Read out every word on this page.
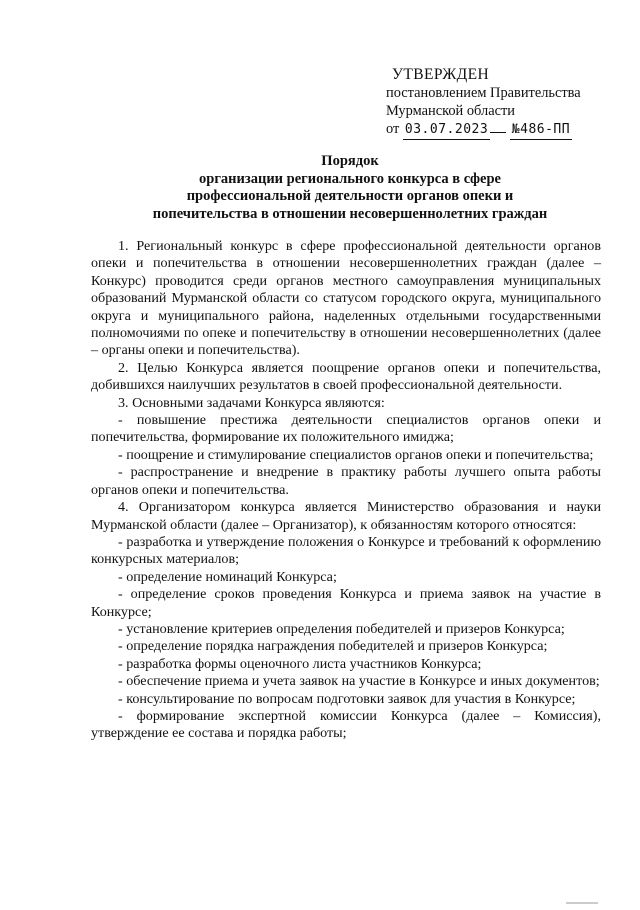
УТВЕРЖДЕН
постановлением Правительства
Мурманской области
от 03.07.2023 №486-ПП
Порядок
организации регионального конкурса в сфере
профессиональной деятельности органов опеки и
попечительства в отношении несовершеннолетних граждан

1. Региональный конкурс в сфере профессиональной деятельности органов опеки и попечительства в отношении несовершеннолетних граждан (далее – Конкурс) проводится среди органов местного самоуправления муниципальных образований Мурманской области со статусом городского округа, муниципального округа и муниципального района, наделенных отдельными государственными полномочиями по опеке и попечительству в отношении несовершеннолетних (далее – органы опеки и попечительства).

2. Целью Конкурса является поощрение органов опеки и попечительства, добившихся наилучших результатов в своей профессиональной деятельности.

3. Основными задачами Конкурса являются:

- повышение престижа деятельности специалистов органов опеки и попечительства, формирование их положительного имиджа;

- поощрение и стимулирование специалистов органов опеки и попечительства;

- распространение и внедрение в практику работы лучшего опыта работы органов опеки и попечительства.

4. Организатором конкурса является Министерство образования и науки Мурманской области (далее – Организатор), к обязанностям которого относятся:

- разработка и утверждение положения о Конкурсе и требований к оформлению конкурсных материалов;

- определение номинаций Конкурса;

- определение сроков проведения Конкурса и приема заявок на участие в Конкурсе;

- установление критериев определения победителей и призеров Конкурса;

- определение порядка награждения победителей и призеров Конкурса;

- разработка формы оценочного листа участников Конкурса;

- обеспечение приема и учета заявок на участие в Конкурсе и иных документов;

- консультирование по вопросам подготовки заявок для участия в Конкурсе;

- формирование экспертной комиссии Конкурса (далее – Комиссия), утверждение ее состава и порядка работы;
